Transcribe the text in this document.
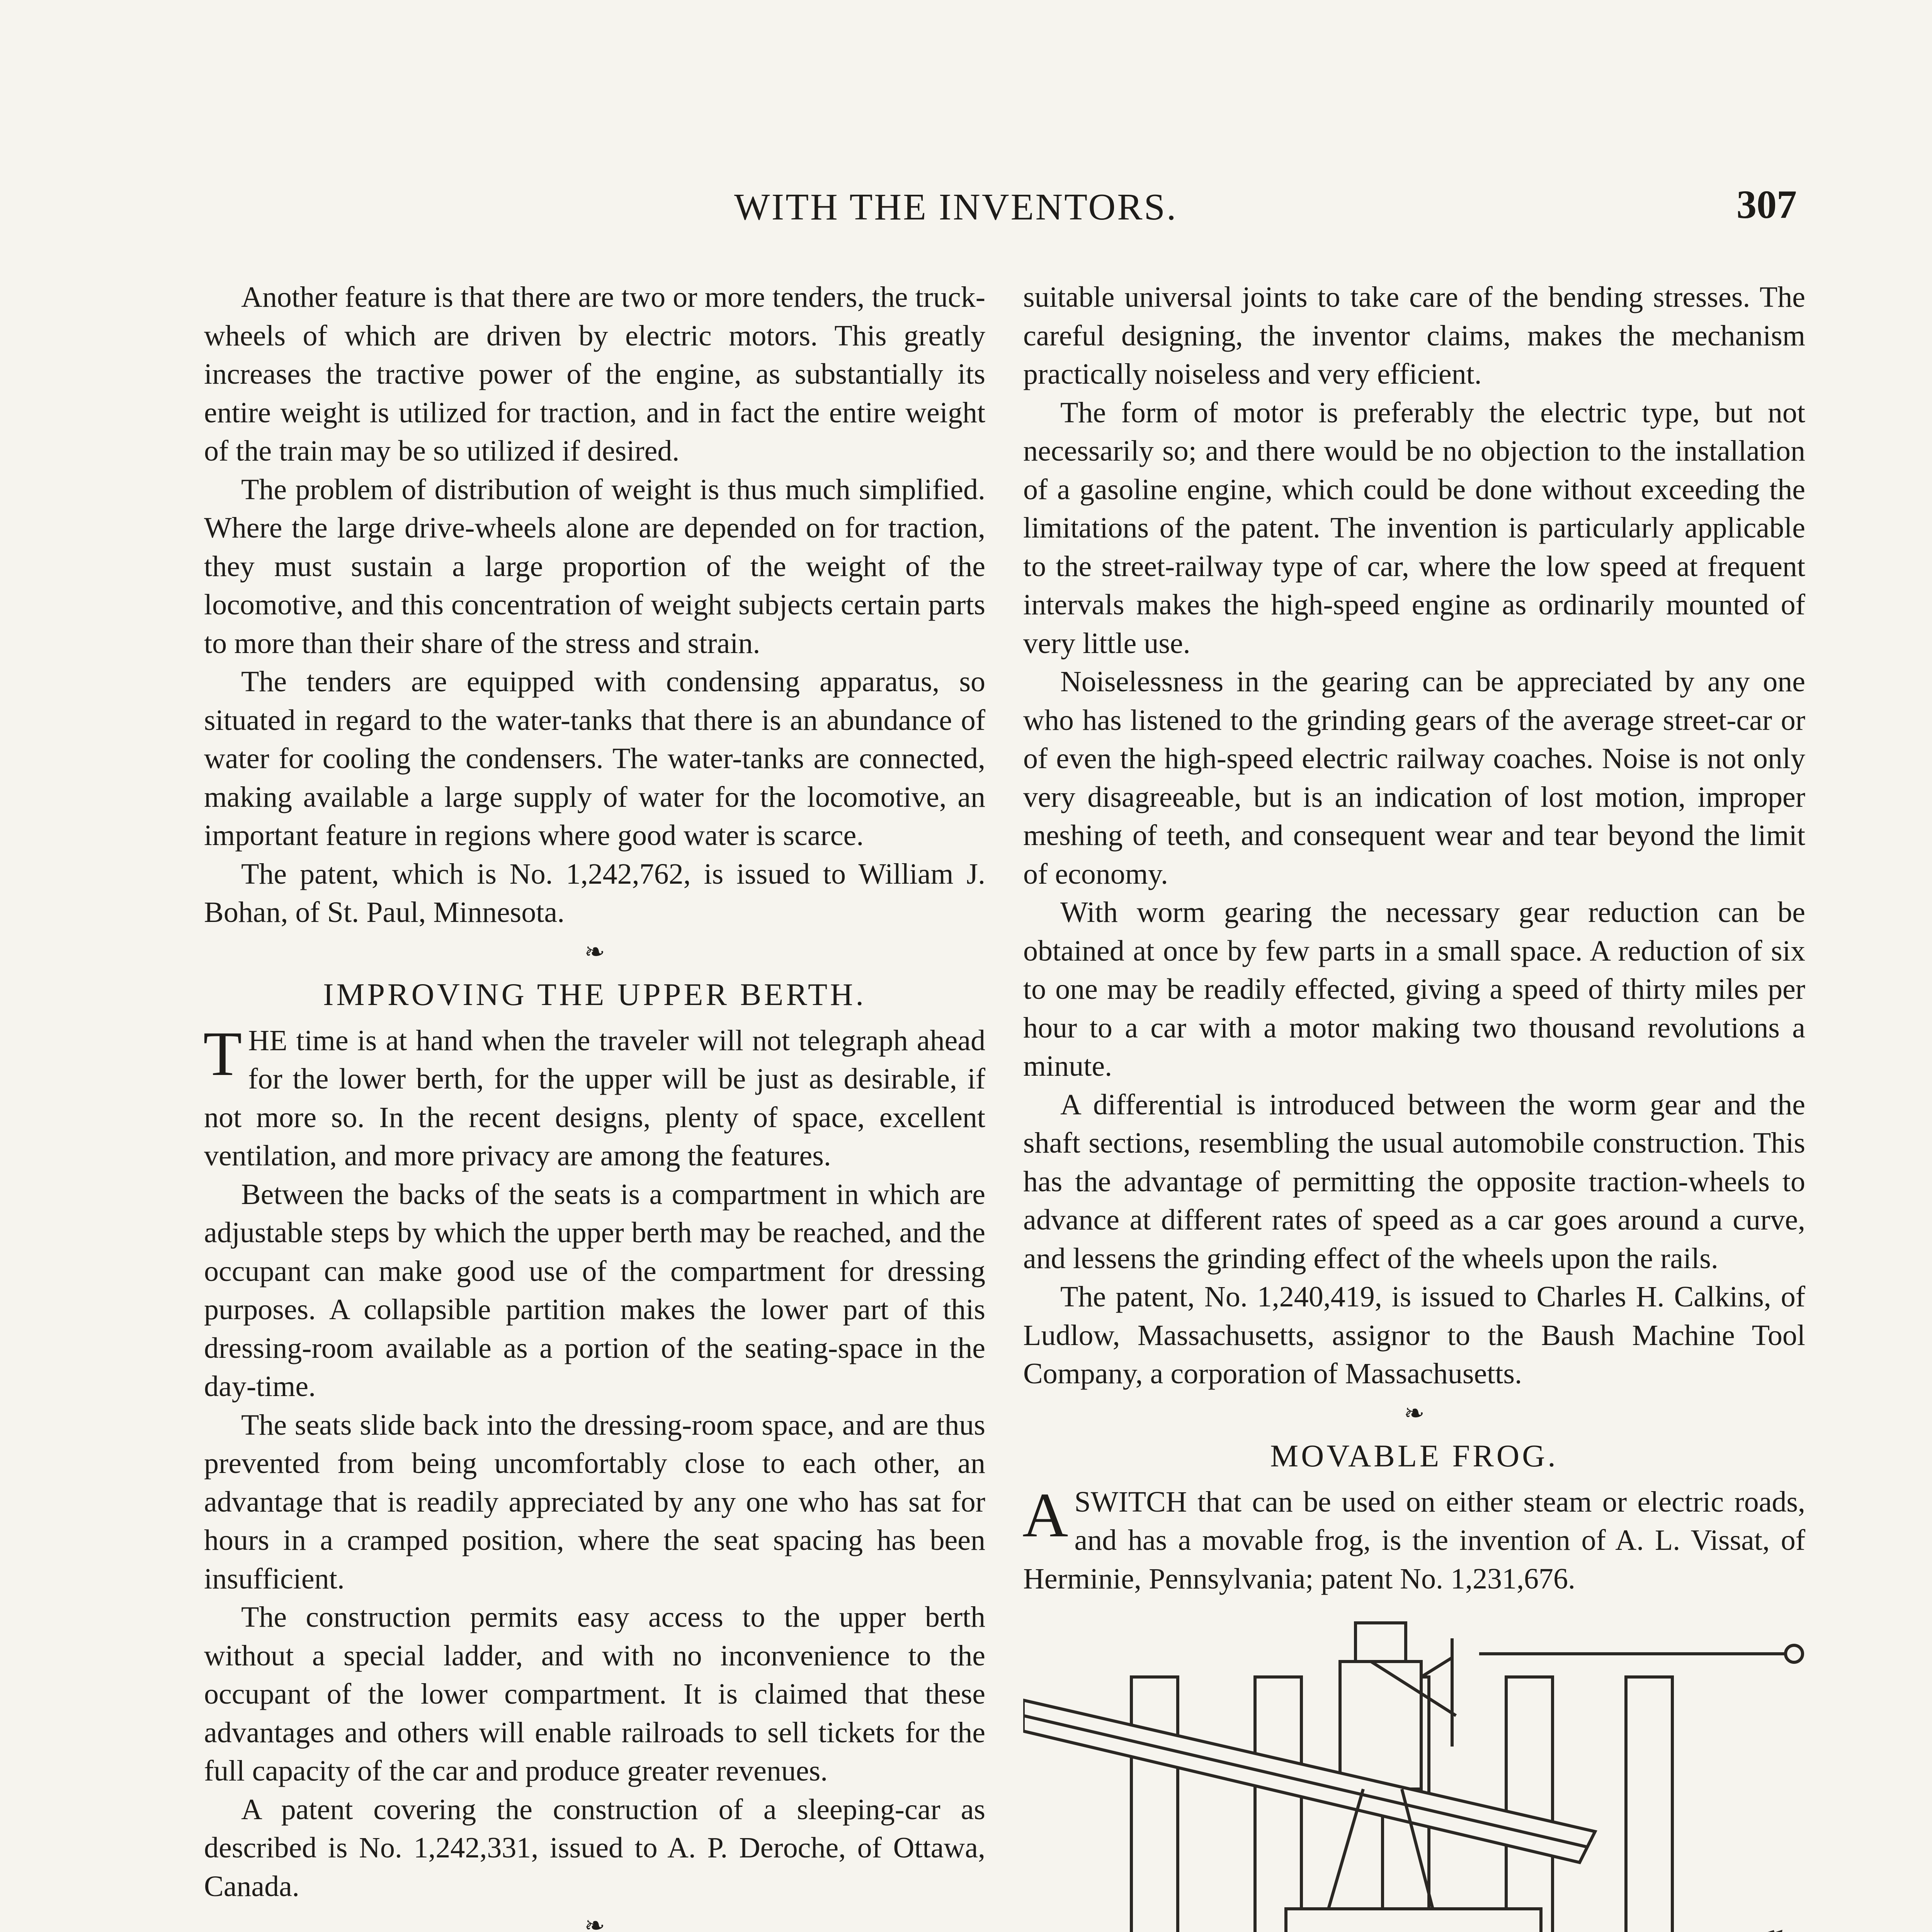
WITH THE INVENTORS.	307

Another feature is that there are two or more tenders, the truck-wheels of which are driven by electric motors. This greatly increases the tractive power of the engine, as substantially its entire weight is utilized for traction, and in fact the entire weight of the train may be so utilized if desired.

The problem of distribution of weight is thus much simplified. Where the large drive-wheels alone are depended on for traction, they must sustain a large proportion of the weight of the locomotive, and this concentration of weight subjects certain parts to more than their share of the stress and strain.

The tenders are equipped with condensing apparatus, so situated in regard to the water-tanks that there is an abundance of water for cooling the condensers. The water-tanks are connected, making available a large supply of water for the locomotive, an important feature in regions where good water is scarce.

The patent, which is No. 1,242,762, is issued to William J. Bohan, of St. Paul, Minnesota.

❧
IMPROVING THE UPPER BERTH.

THE time is at hand when the traveler will not telegraph ahead for the lower berth, for the upper will be just as desirable, if not more so. In the recent designs, plenty of space, excellent ventilation, and more privacy are among the features.

Between the backs of the seats is a compartment in which are adjustable steps by which the upper berth may be reached, and the occupant can make good use of the compartment for dressing purposes. A collapsible partition makes the lower part of this dressing-room available as a portion of the seating-space in the day-time.

The seats slide back into the dressing-room space, and are thus prevented from being uncomfortably close to each other, an advantage that is readily appreciated by any one who has sat for hours in a cramped position, where the seat spacing has been insufficient.

The construction permits easy access to the upper berth without a special ladder, and with no inconvenience to the occupant of the lower compartment. It is claimed that these advantages and others will enable railroads to sell tickets for the full capacity of the car and produce greater revenues.

A patent covering the construction of a sleeping-car as described is No. 1,242,331, issued to A. P. Deroche, of Ottawa, Canada.

❧

suitable universal joints to take care of the bending stresses. The careful designing, the inventor claims, makes the mechanism practically noiseless and very efficient.

The form of motor is preferably the electric type, but not necessarily so; and there would be no objection to the installation of a gasoline engine, which could be done without exceeding the limitations of the patent. The invention is particularly applicable to the street-railway type of car, where the low speed at frequent intervals makes the high-speed engine as ordinarily mounted of very little use.

Noiselessness in the gearing can be appreciated by any one who has listened to the grinding gears of the average street-car or of even the high-speed electric railway coaches. Noise is not only very disagreeable, but is an indication of lost motion, improper meshing of teeth, and consequent wear and tear beyond the limit of economy.

With worm gearing the necessary gear reduction can be obtained at once by few parts in a small space. A reduction of six to one may be readily effected, giving a speed of thirty miles per hour to a car with a motor making two thousand revolutions a minute.

A differential is introduced between the worm gear and the shaft sections, resembling the usual automobile construction. This has the advantage of permitting the opposite traction-wheels to advance at different rates of speed as a car goes around a curve, and lessens the grinding effect of the wheels upon the rails.

The patent, No. 1,240,419, is issued to Charles H. Calkins, of Ludlow, Massachusetts, assignor to the Baush Machine Tool Company, a corporation of Massachusetts.

❧
MOVABLE FROG.

ASWITCH that can be used on either steam or electric roads, and has a movable frog, is the invention of A. L. Vissat, of Herminie, Pennsylvania; patent No. 1,231,676.
